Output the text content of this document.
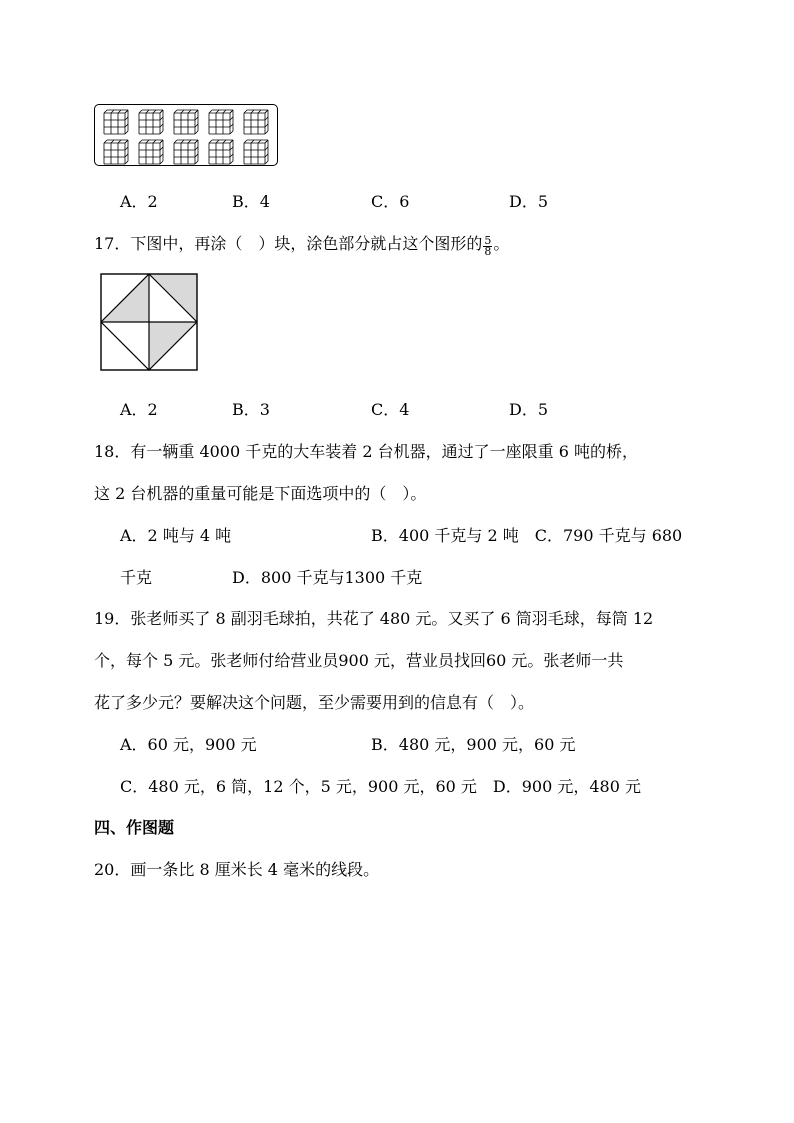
A．2	B．4	C．6	D．5
17．下图中，再涂（　）块，涂色部分就占这个图形的 $\frac{5}{8}$ 。
A．2	B．3	C．4	D．5
18．有一辆重 4000 千克的大车装着 2 台机器，通过了一座限重 6 吨的桥，
这 2 台机器的重量可能是下面选项中的（　）。
A．2 吨与 4 吨	B．400 千克与 2 吨　C．790 千克与 680
千克	D．800 千克与1300 千克
19．张老师买了 8 副羽毛球拍，共花了 480 元。又买了 6 筒羽毛球，每筒 12
个，每个 5 元。张老师付给营业员900 元，营业员找回60 元。张老师一共
花了多少元？要解决这个问题，至少需要用到的信息有（　）。
A．60 元，900 元	B．480 元，900 元，60 元
C．480 元，6 筒，12 个，5 元，900 元，60 元　D．900 元，480 元
四、作图题
20．画一条比 8 厘米长 4 毫米的线段。
